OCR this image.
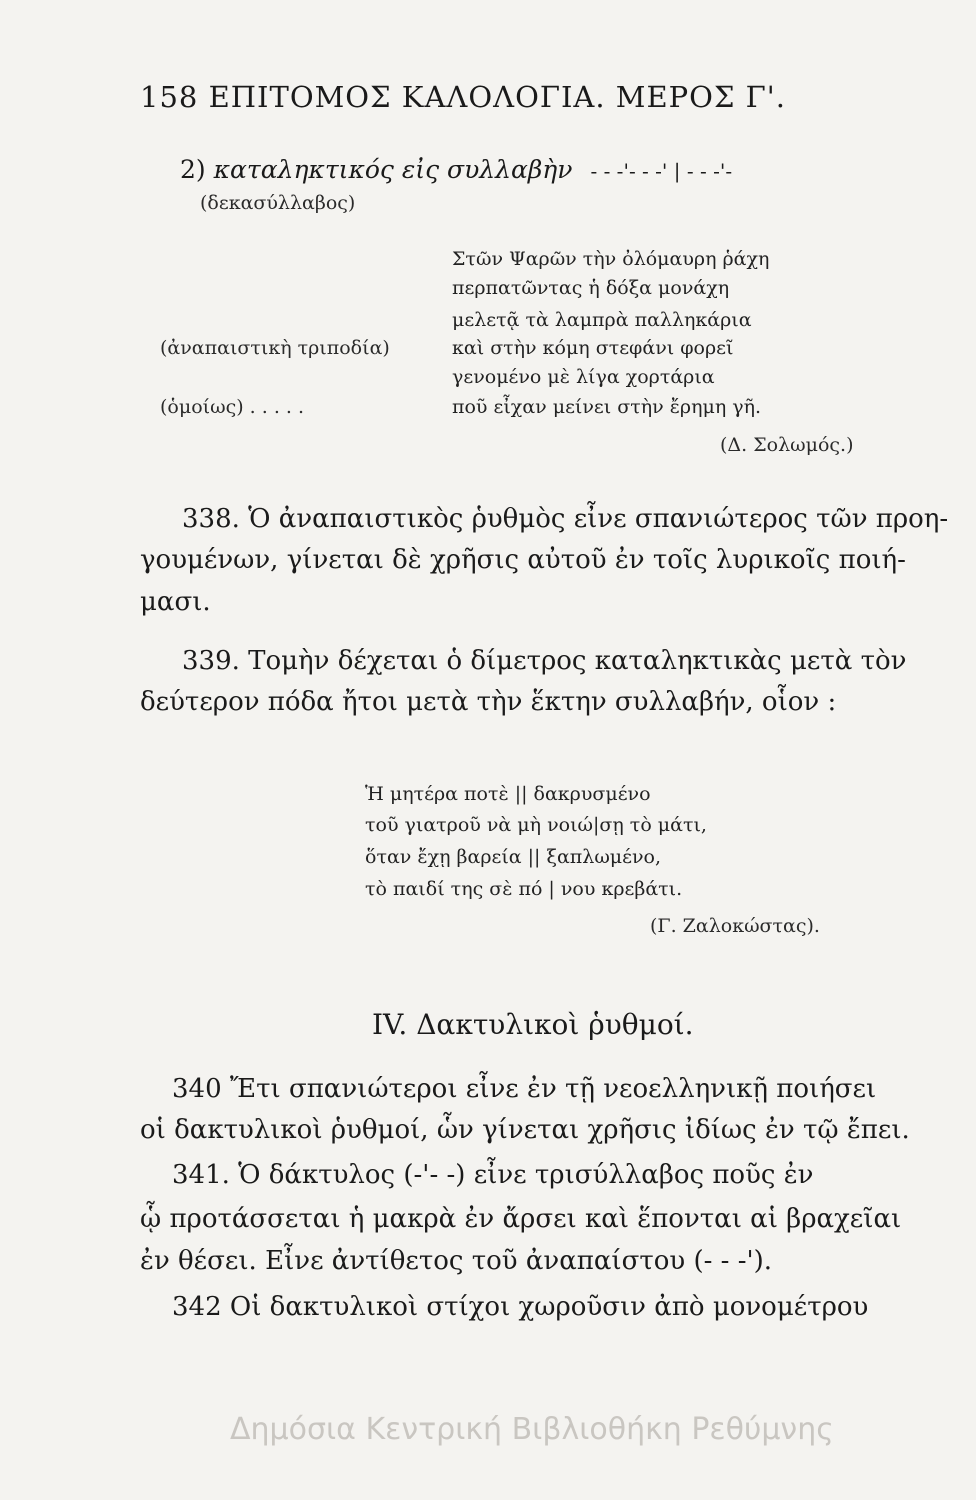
158 ΕΠΙΤΟΜΟΣ ΚΑΛΟΛΟΓΙΑ. ΜΕΡΟΣ Γ'.
2) καταληκτικός εἰς συλλαβὴν - - -'- - -' | - - -'-
(δεκασύλλαβος)
Στῶν Ψαρῶν τὴν ὀλόμαυρη ῥάχη
περπατῶντας ἡ δόξα μονάχη
μελετᾷ τὰ λαμπρὰ παλληκάρια
καὶ στὴν κόμη στεφάνι φορεῖ
γενομένο μὲ λίγα χορτάρια
ποῦ εἶχαν μείνει στὴν ἔρημη γῆ.
(ἀναπαιστικὴ τριποδία)
(ὁμοίως) . . . . .
(Δ. Σολωμός.)
338. Ὁ ἀναπαιστικὸς ῥυθμὸς εἶνε σπανιώτερος τῶν προη-
γουμένων, γίνεται δὲ χρῆσις αὐτοῦ ἐν τοῖς λυρικοῖς ποιή-
μασι.
339. Τομὴν δέχεται ὁ δίμετρος καταληκτικὰς μετὰ τὸν
δεύτερον πόδα ἤτοι μετὰ τὴν ἕκτην συλλαβήν, οἷον :
Ἡ μητέρα ποτὲ || δακρυσμένο
τοῦ γιατροῦ νὰ μὴ νοιώ|σῃ τὸ μάτι,
ὅταν ἔχῃ βαρεία || ξαπλωμένο,
τὸ παιδί της σὲ πό | νου κρεβάτι.
(Γ. Ζαλοκώστας).
IV. Δακτυλικοὶ ῥυθμοί.
340 Ἔτι σπανιώτεροι εἶνε ἐν τῇ νεοελληνικῇ ποιήσει
οἱ δακτυλικοὶ ῥυθμοί, ὧν γίνεται χρῆσις ἰδίως ἐν τῷ ἔπει.
341. Ὁ δάκτυλος (-'- -) εἶνε τρισύλλαβος ποῦς ἐν
ᾧ προτάσσεται ἡ μακρὰ ἐν ἄρσει καὶ ἕπονται αἱ βραχεῖαι
ἐν θέσει. Εἶνε ἀντίθετος τοῦ ἀναπαίστου (- - -').
342 Οἱ δακτυλικοὶ στίχοι χωροῦσιν ἀπὸ μονομέτρου
Δημόσια Κεντρική Βιβλιοθήκη Ρεθύμνης
